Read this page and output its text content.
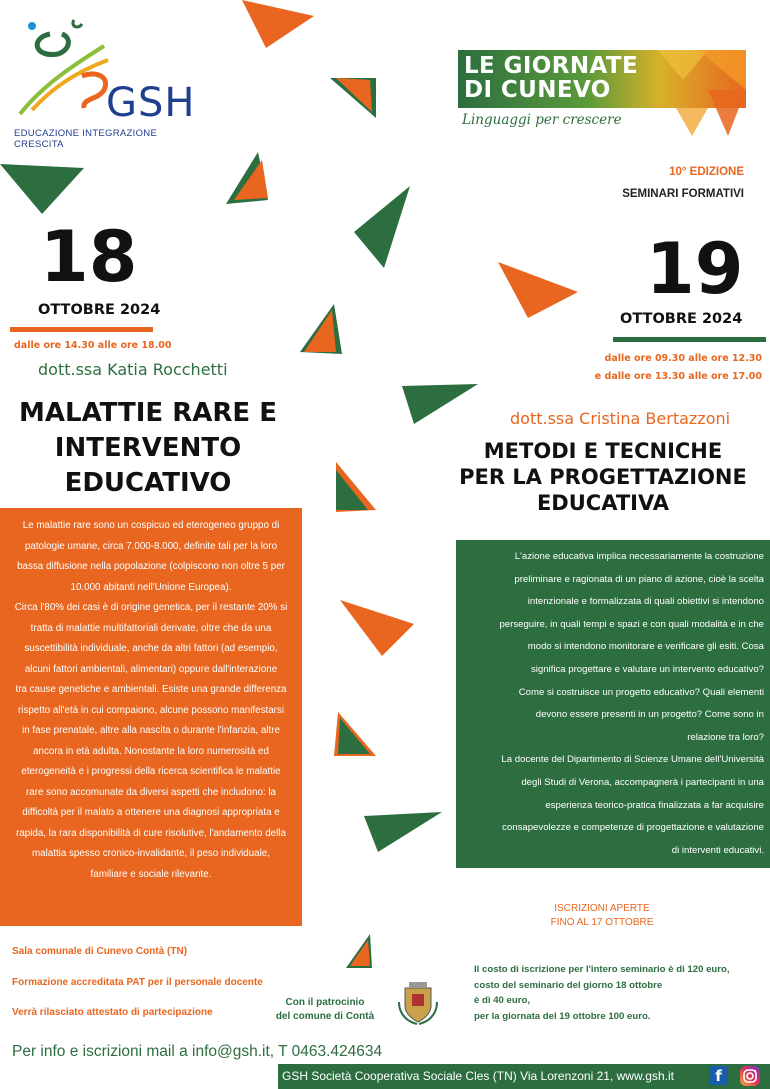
GSH
EDUCAZIONE INTEGRAZIONE CRESCITA
LE GIORNATE
DI CUNEVO
Linguaggi per crescere
10° EDIZIONE
SEMINARI FORMATIVI
18
OTTOBRE 2024
dalle ore 14.30 alle ore 18.00
dott.ssa Katia Rocchetti
MALATTIE RARE E
INTERVENTO
EDUCATIVO

Le malattie rare sono un cospicuo ed eterogeneo gruppo di

patologie umane, circa 7.000-8.000, definite tali per la loro

bassa diffusione nella popolazione (colpiscono non oltre 5 per

10.000 abitanti nell'Unione Europea).

Circa l'80% dei casi è di origine genetica, per il restante 20% si

tratta di malattie multifattoriali derivate, oltre che da una

suscettibilità individuale, anche da altri fattori (ad esempio,

alcuni fattori ambientali, alimentari) oppure dall'interazione

tra cause genetiche e ambientali. Esiste una grande differenza

rispetto all'età in cui compaiono, alcune possono manifestarsi

in fase prenatale, altre alla nascita o durante l'infanzia, altre

ancora in età adulta. Nonostante la loro numerosità ed

eterogeneità e i progressi della ricerca scientifica le malattie

rare sono accomunate da diversi aspetti che includono: la

difficoltà per il malato a ottenere una diagnosi appropriata e

rapida, la rara disponibilità di cure risolutive, l'andamento della

malattia spesso cronico-invalidante, il peso individuale,

familiare e sociale rilevante.

19
OTTOBRE 2024
dalle ore 09.30 alle ore 12.30
e dalle ore 13.30 alle ore 17.00
dott.ssa Cristina Bertazzoni
METODI E TECNICHE
PER LA PROGETTAZIONE
EDUCATIVA

L'azione educativa implica necessariamente la costruzione

preliminare e ragionata di un piano di azione, cioè la scelta

intenzionale e formalizzata di quali obiettivi si intendono

perseguire, in quali tempi e spazi e con quali modalità e in che

modo si intendono monitorare e verificare gli esiti. Cosa

significa progettare e valutare un intervento educativo?

Come si costruisce un progetto educativo? Quali elementi

devono essere presenti in un progetto? Come sono in

relazione tra loro?

La docente del Dipartimento di Scienze Umane dell'Università

degli Studi di Verona, accompagnerà i partecipanti in una

esperienza teorico-pratica finalizzata a far acquisire

consapevolezze e competenze di progettazione e valutazione

di interventi educativi.

ISCRIZIONI APERTE
FINO AL 17 OTTOBRE

Il costo di iscrizione per l'intero seminario è di 120 euro,

costo del seminario del giorno 18 ottobre

è di 40 euro,

per la giornata del 19 ottobre 100 euro.

Sala comunale di Cunevo Contà (TN)
Formazione accreditata PAT per il personale docente
Verrà rilasciato attestato di partecipazione
Con il patrocinio
del comune di Contà
Per info e iscrizioni mail a info@gsh.it, T 0463.424634
GSH Società Cooperativa Sociale Cles (TN) Via Lorenzoni 21, www.gsh.it	f
